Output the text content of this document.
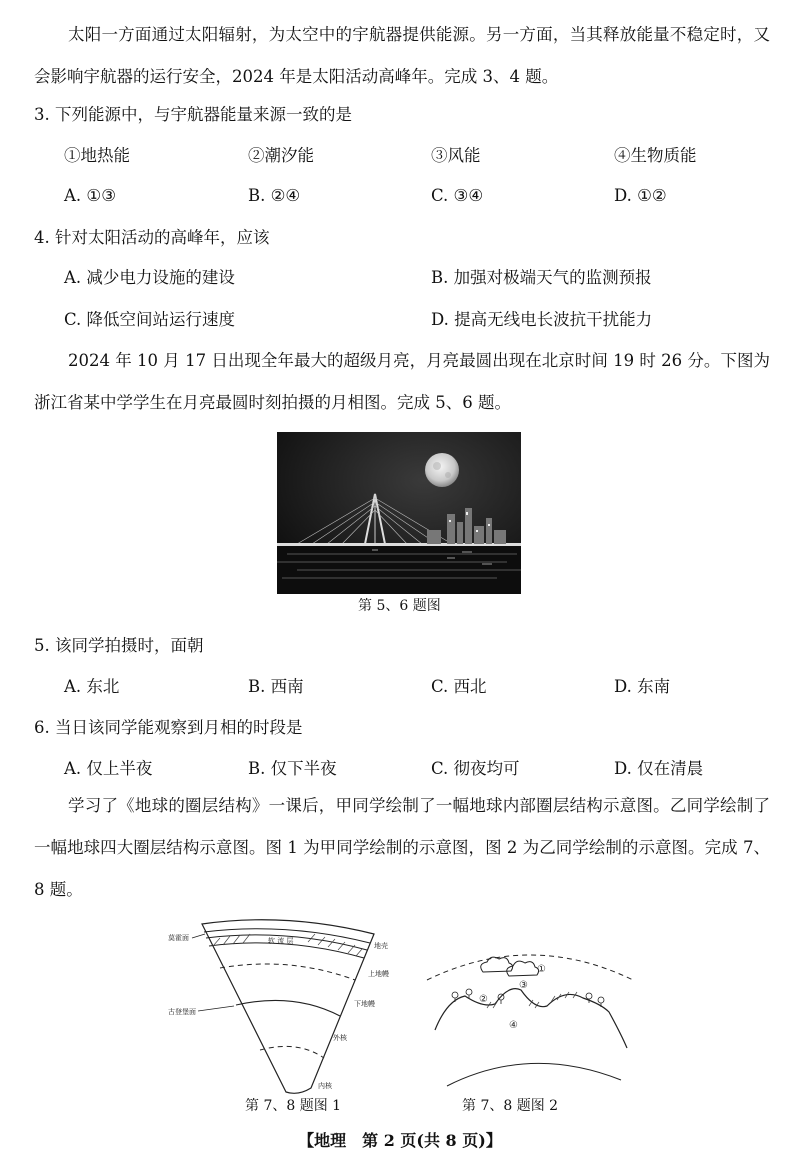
太阳一方面通过太阳辐射，为太空中的宇航器提供能源。另一方面，当其释放能量不稳定时，又会影响宇航器的运行安全，2024 年是太阳活动高峰年。完成 3、4 题。
3. 下列能源中，与宇航器能量来源一致的是
①地热能	②潮汐能	③风能	④生物质能
A. ①③	B. ②④	C. ③④	D. ①②
4. 针对太阳活动的高峰年，应该
A. 减少电力设施的建设	B. 加强对极端天气的监测预报
C. 降低空间站运行速度	D. 提高无线电长波抗干扰能力
2024 年 10 月 17 日出现全年最大的超级月亮，月亮最圆出现在北京时间 19 时 26 分。下图为浙江省某中学学生在月亮最圆时刻拍摄的月相图。完成 5、6 题。
第 5、6 题图
5. 该同学拍摄时，面朝
A. 东北	B. 西南	C. 西北	D. 东南
6. 当日该同学能观察到月相的时段是
A. 仅上半夜	B. 仅下半夜	C. 彻夜均可	D. 仅在清晨
学习了《地球的圈层结构》一课后，甲同学绘制了一幅地球内部圈层结构示意图。乙同学绘制了一幅地球四大圈层结构示意图。图 1 为甲同学绘制的示意图，图 2 为乙同学绘制的示意图。完成 7、8 题。
软 流 层
莫霍面
古登堡面
地壳
上地幔
下地幔
外核
内核
第 7、8 题图 1
①
②
③
④
第 7、8 题图 2
【地理　第 2 页(共 8 页)】
